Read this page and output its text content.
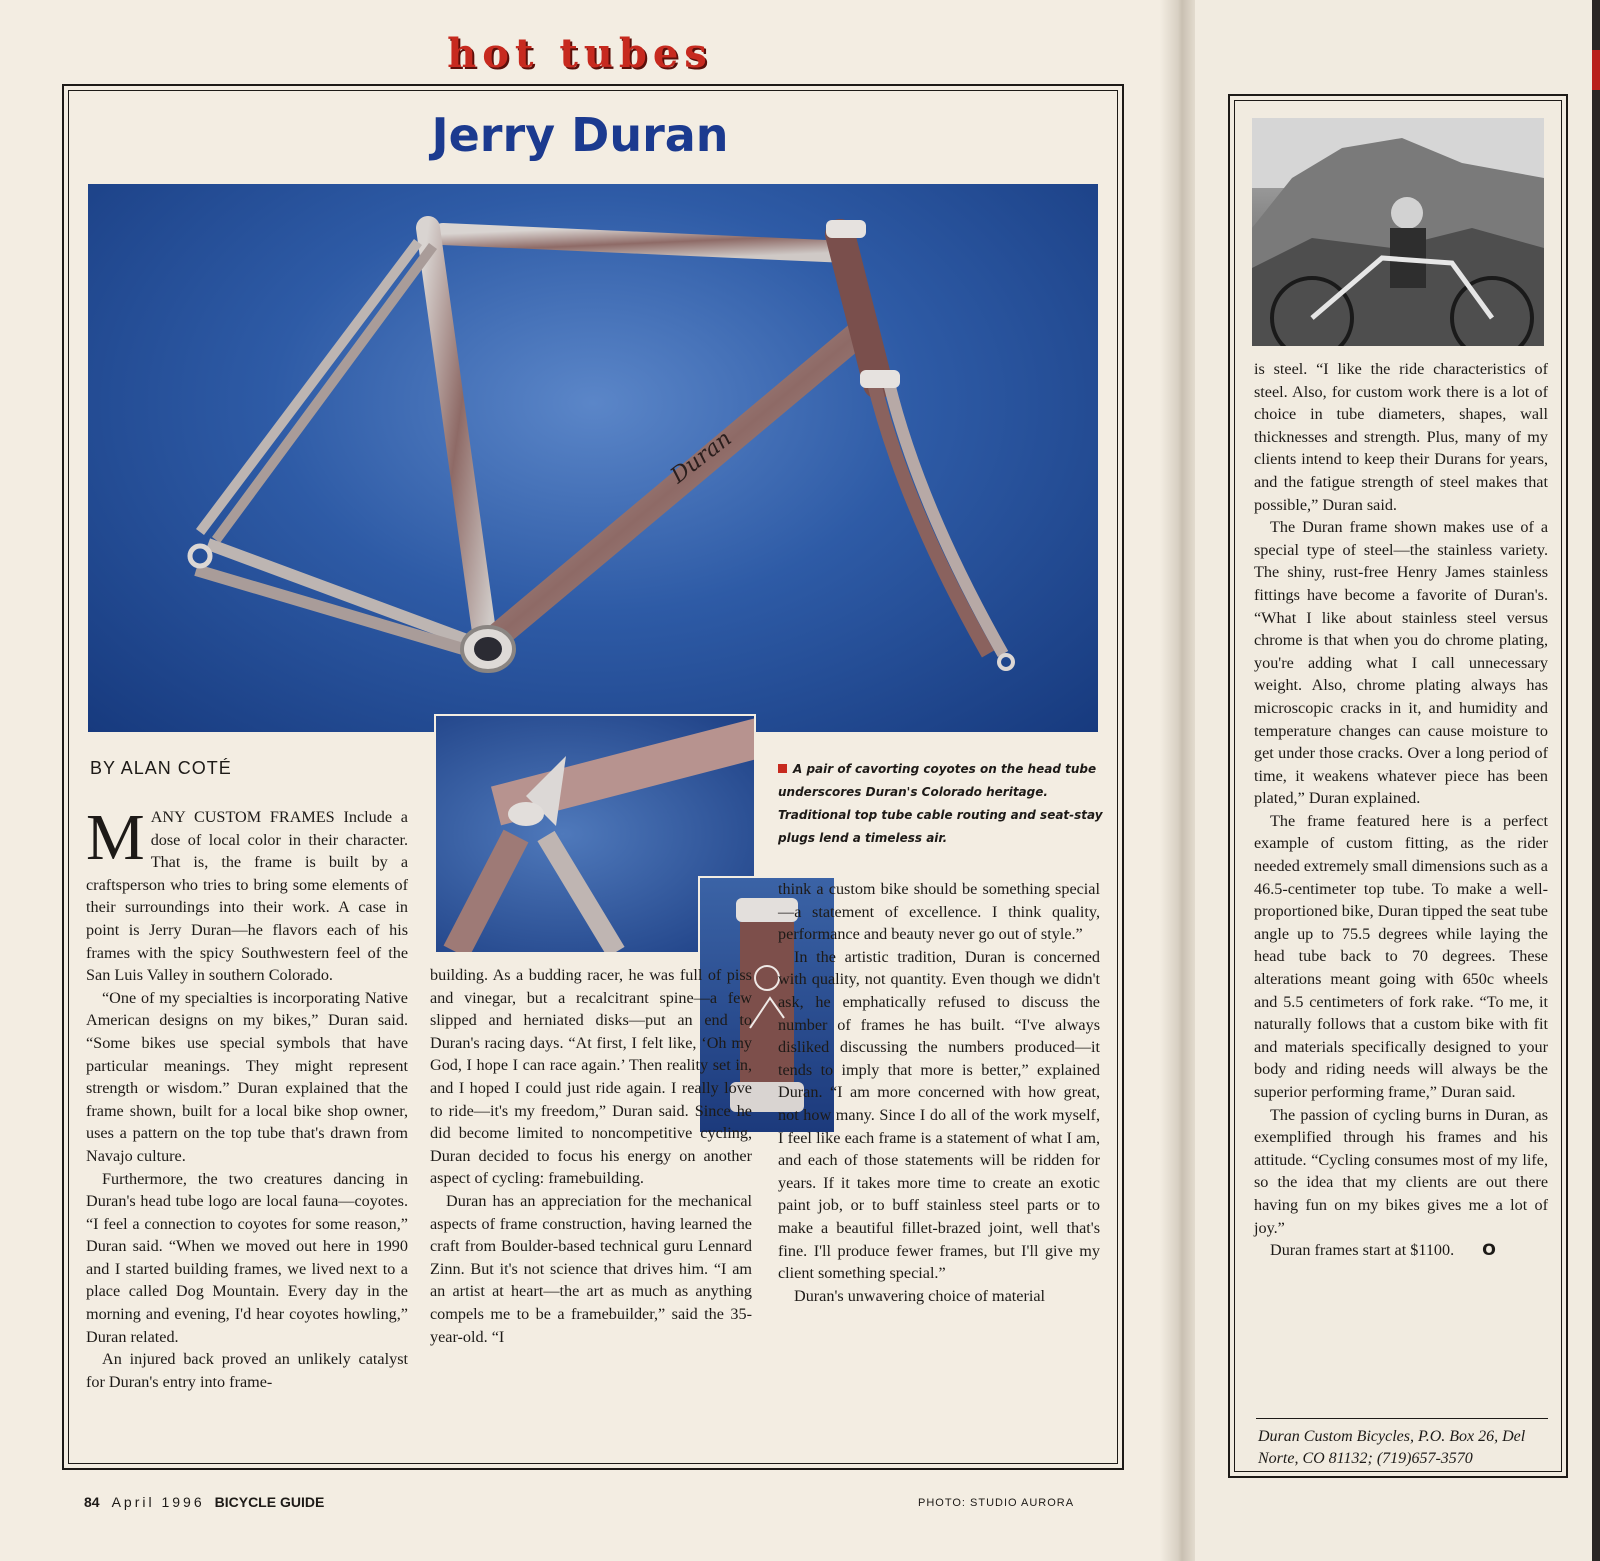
hot tubes
Jerry Duran
Duran
BY ALAN COTÉ	A pair of cavorting coyotes on the head tube underscores Duran's Colorado heritage. Traditional top tube cable routing and seat-stay plugs lend a timeless air.

MANY CUSTOM FRAMES Include a dose of local color in their character. That is, the frame is built by a craftsperson who tries to bring some elements of their surroundings into their work. A case in point is Jerry Duran—he flavors each of his frames with the spicy Southwestern feel of the San Luis Valley in southern Colorado.

“One of my specialties is incorporating Native American designs on my bikes,” Duran said. “Some bikes use special symbols that have particular meanings. They might represent strength or wisdom.” Duran explained that the frame shown, built for a local bike shop owner, uses a pattern on the top tube that's drawn from Navajo culture.

Furthermore, the two creatures dancing in Duran's head tube logo are local fauna—coyotes. “I feel a connection to coyotes for some reason,” Duran said. “When we moved out here in 1990 and I started building frames, we lived next to a place called Dog Mountain. Every day in the morning and evening, I'd hear coyotes howling,” Duran related.

An injured back proved an unlikely catalyst for Duran's entry into frame-

building. As a budding racer, he was full of piss and vinegar, but a recalcitrant spine—a few slipped and herniated disks—put an end to Duran's racing days. “At first, I felt like, ‘Oh my God, I hope I can race again.’ Then reality set in, and I hoped I could just ride again. I really love to ride—it's my freedom,” Duran said. Since he did become limited to noncompetitive cycling, Duran decided to focus his energy on another aspect of cycling: framebuilding.

Duran has an appreciation for the mechanical aspects of frame construction, having learned the craft from Boulder-based technical guru Lennard Zinn. But it's not science that drives him. “I am an artist at heart—the art as much as anything compels me to be a framebuilder,” said the 35-year-old. “I

think a custom bike should be something special—a statement of excellence. I think quality, performance and beauty never go out of style.”

In the artistic tradition, Duran is concerned with quality, not quantity. Even though we didn't ask, he emphatically refused to discuss the number of frames he has built. “I've always disliked discussing the numbers produced—it tends to imply that more is better,” explained Duran. “I am more concerned with how great, not how many. Since I do all of the work myself, I feel like each frame is a statement of what I am, and each of those statements will be ridden for years. If it takes more time to create an exotic paint job, or to buff stainless steel parts or to make a beautiful fillet-brazed joint, well that's fine. I'll produce fewer frames, but I'll give my client something special.”

Duran's unwavering choice of material

84 April 1996 BICYCLE GUIDE	PHOTO: STUDIO AURORA

is steel. “I like the ride characteristics of steel. Also, for custom work there is a lot of choice in tube diameters, shapes, wall thicknesses and strength. Plus, many of my clients intend to keep their Durans for years, and the fatigue strength of steel makes that possible,” Duran said.

The Duran frame shown makes use of a special type of steel—the stainless variety. The shiny, rust-free Henry James stainless fittings have become a favorite of Duran's. “What I like about stainless steel versus chrome is that when you do chrome plating, you're adding what I call unnecessary weight. Also, chrome plating always has microscopic cracks in it, and humidity and temperature changes can cause moisture to get under those cracks. Over a long period of time, it weakens whatever piece has been plated,” Duran explained.

The frame featured here is a perfect example of custom fitting, as the rider needed extremely small dimensions such as a 46.5-centimeter top tube. To make a well-proportioned bike, Duran tipped the seat tube angle up to 75.5 degrees while laying the head tube back to 70 degrees. These alterations meant going with 650c wheels and 5.5 centimeters of fork rake. “To me, it naturally follows that a custom bike with fit and materials specifically designed to your body and riding needs will always be the superior performing frame,” Duran said.

The passion of cycling burns in Duran, as exemplified through his frames and his attitude. “Cycling consumes most of my life, so the idea that my clients are out there having fun on my bikes gives me a lot of joy.”

Duran frames start at $1100. O

Duran Custom Bicycles, P.O. Box 26, Del Norte, CO 81132; (719)657-3570
